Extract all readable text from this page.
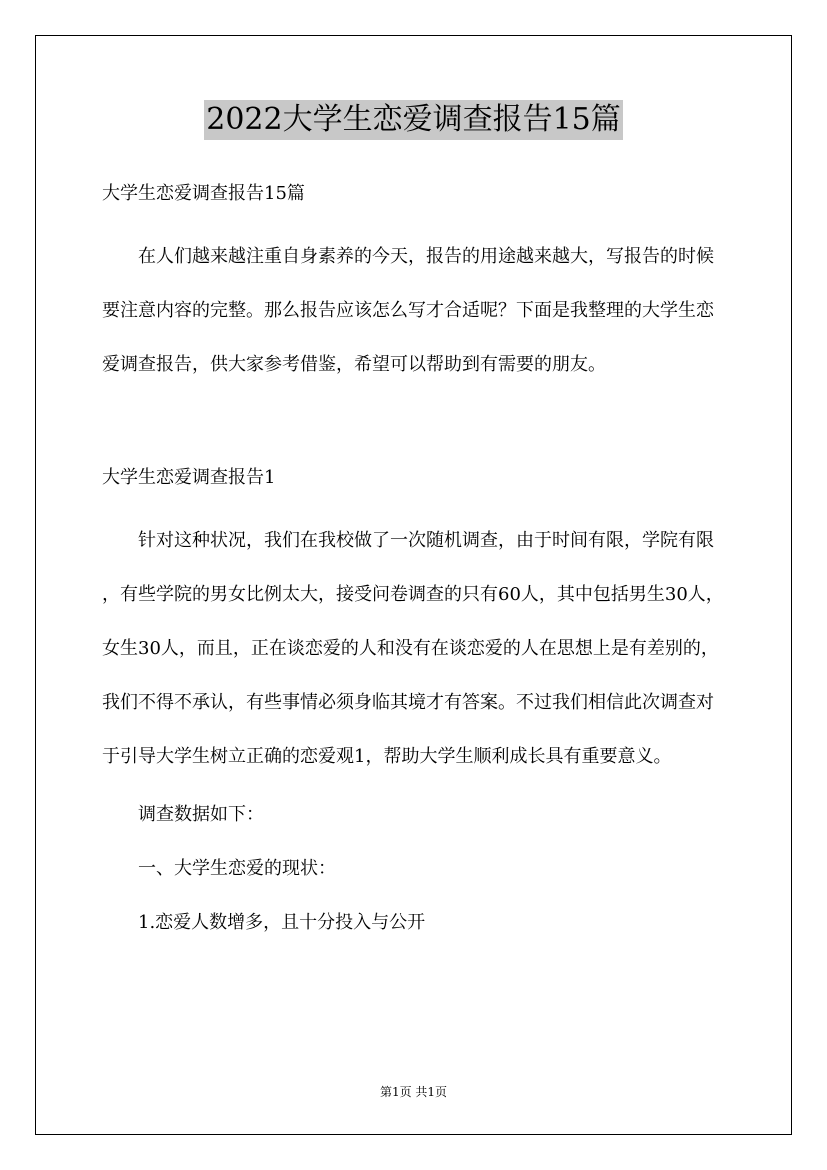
2022大学生恋爱调查报告15篇

大学生恋爱调查报告15篇

在人们越来越注重自身素养的今天，报告的用途越来越大，写报告的时候要注意内容的完整。那么报告应该怎么写才合适呢？下面是我整理的大学生恋爱调查报告，供大家参考借鉴，希望可以帮助到有需要的朋友。

大学生恋爱调查报告1

针对这种状况，我们在我校做了一次随机调查，由于时间有限，学院有限 ，有些学院的男女比例太大，接受问卷调查的只有60人，其中包括男生30人，女生30人，而且，正在谈恋爱的人和没有在谈恋爱的人在思想上是有差别的，我们不得不承认，有些事情必须身临其境才有答案。不过我们相信此次调查对于引导大学生树立正确的恋爱观1，帮助大学生顺利成长具有重要意义。

调查数据如下：

一、大学生恋爱的现状：

1.恋爱人数增多，且十分投入与公开

第1页 共1页
